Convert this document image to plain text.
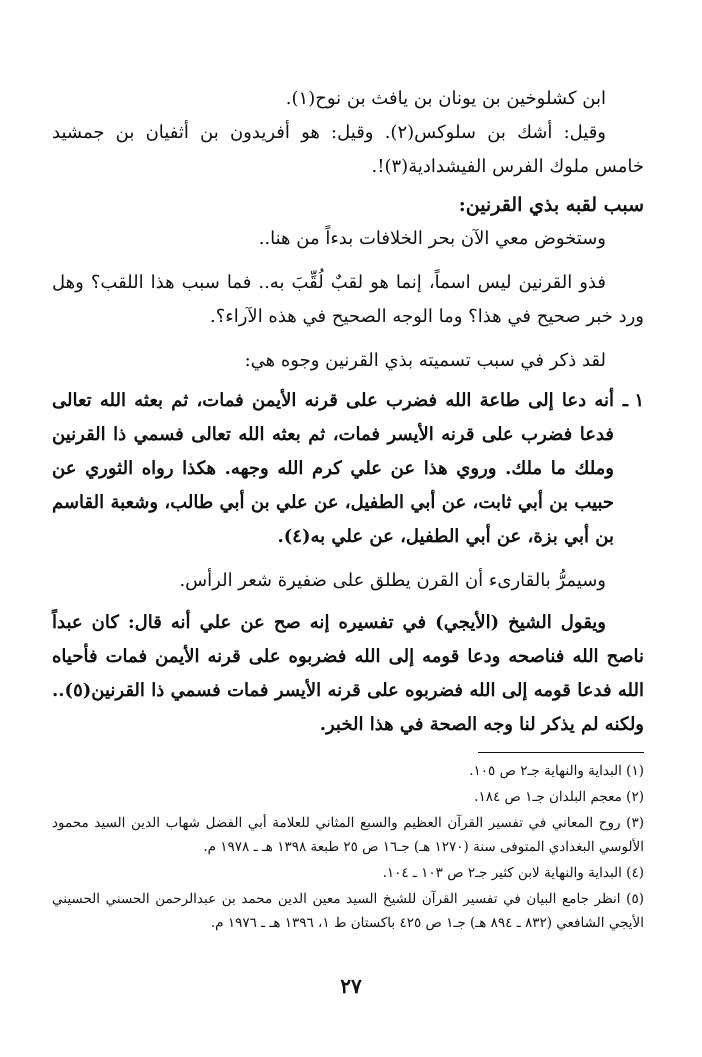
ابن كشلوخين بن يونان بن يافث بن نوح(١).

وقيل: أشك بن سلوكس(٢). وقيل: هو أفريدون بن أثفيان بن جمشيد خامس ملوك الفرس الفيشدادية(٣)!.

سبب لقبه بذي القرنين:

وستخوض معي الآن بحر الخلافات بدءاً من هنا..

فذو القرنين ليس اسماً، إنما هو لقبٌ لُقِّبَ به.. فما سبب هذا اللقب؟ وهل ورد خبر صحيح في هذا؟ وما الوجه الصحيح في هذه الآراء؟.

لقد ذكر في سبب تسميته بذي القرنين وجوه هي:

١ ـ
أنه دعا إلى طاعة الله فضرب على قرنه الأيمن فمات، ثم بعثه الله تعالى فدعا فضرب على قرنه الأيسر فمات، ثم بعثه الله تعالى فسمي ذا القرنين وملك ما ملك. وروي هذا عن علي كرم الله وجهه. هكذا رواه الثوري عن حبيب بن أبي ثابت، عن أبي الطفيل، عن علي بن أبي طالب، وشعبة القاسم بن أبي بزة، عن أبي الطفيل، عن علي به(٤).

وسيمرُّ بالقارىء أن القرن يطلق على ضفيرة شعر الرأس.

ويقول الشيخ (الأيجي) في تفسيره إنه صح عن علي أنه قال: كان عبداً ناصح الله فناصحه ودعا قومه إلى الله فضربوه على قرنه الأيمن فمات فأحياه الله فدعا قومه إلى الله فضربوه على قرنه الأيسر فمات فسمي ذا القرنين(٥).. ولكنه لم يذكر لنا وجه الصحة في هذا الخبر.

(١) البداية والنهاية جـ٢ ص ١٠٥.

(٢) معجم البلدان جـ١ ص ١٨٤.

(٣) روح المعاني في تفسير القرآن العظيم والسبع المثاني للعلامة أبي الفضل شهاب الدين السيد محمود الألوسي البغدادي المتوفى سنة (١٢٧٠ هـ) جـ١٦ ص ٢٥ طبعة ١٣٩٨ هـ ـ ١٩٧٨ م.

(٤) البداية والنهاية لابن كثير جـ٢ ص ١٠٣ ـ ١٠٤.

(٥) انظر جامع البيان في تفسير القرآن للشيخ السيد معين الدين محمد بن عبدالرحمن الحسني الحسيني الأيجي الشافعي (٨٣٢ ـ ٨٩٤ هـ) جـ١ ص ٤٢٥ باكستان ط ١، ١٣٩٦ هـ ـ ١٩٧٦ م.

٢٧
